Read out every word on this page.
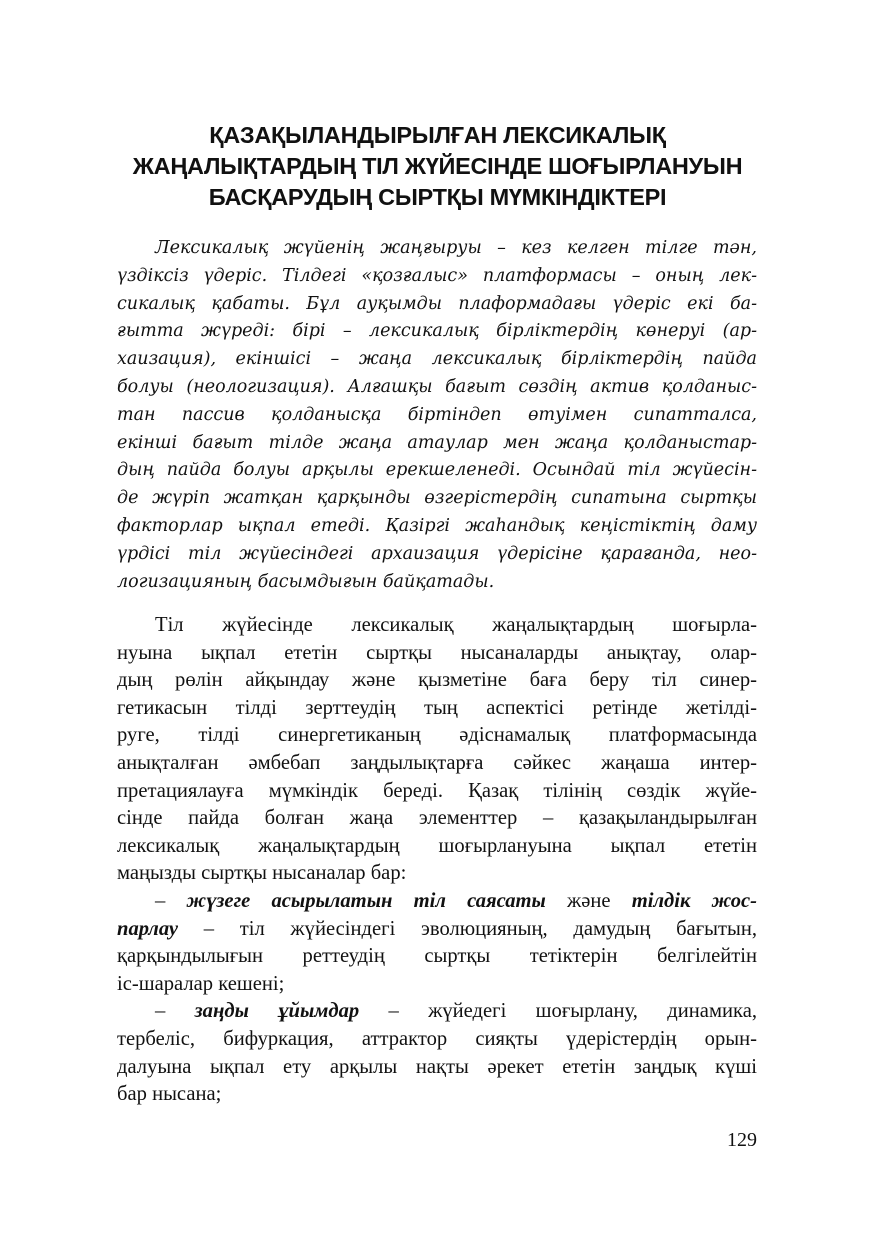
ҚАЗАҚЫЛАНДЫРЫЛҒАН ЛЕКСИКАЛЫҚ
ЖАҢАЛЫҚТАРДЫҢ ТІЛ ЖҮЙЕСІНДЕ ШОҒЫРЛАНУЫН
БАСҚАРУДЫҢ СЫРТҚЫ МҮМКІНДІКТЕРІ
Лексикалық жүйенің жаңғыруы – кез келген тілге тән,
үздіксіз үдеріс. Тілдегі «қозғалыс» платформасы – оның лек-
сикалық қабаты. Бұл ауқымды плаформадағы үдеріс екі ба-
ғытта жүреді: бірі – лексикалық бірліктердің көнеруі (ар-
хаизация), екіншісі – жаңа лексикалық бірліктердің пайда
болуы (неологизация). Алғашқы бағыт сөздің актив қолданыс-
тан пассив қолданысқа біртіндеп өтуімен сипатталса,
екінші бағыт тілде жаңа атаулар мен жаңа қолданыстар-
дың пайда болуы арқылы ерекшеленеді. Осындай тіл жүйесін-
де жүріп жатқан қарқынды өзгерістердің сипатына сыртқы
факторлар ықпал етеді. Қазіргі жаһандық кеңістіктің даму
үрдісі тіл жүйесіндегі архаизация үдерісіне қарағанда, нео-
логизацияның басымдығын байқатады.
Тіл жүйесінде лексикалық жаңалықтардың шоғырла-
нуына ықпал ететін сыртқы нысаналарды анықтау, олар-
дың рөлін айқындау және қызметіне баға беру тіл синер-
гетикасын тілді зерттеудің тың аспектісі ретінде жетілді-
руге, тілді синергетиканың әдіснамалық платформасында
анықталған әмбебап заңдылықтарға сәйкес жаңаша интер-
претациялауға мүмкіндік береді. Қазақ тілінің сөздік жүйе-
сінде пайда болған жаңа элементтер – қазақыландырылған
лексикалық жаңалықтардың шоғырлануына ықпал ететін
маңызды сыртқы нысаналар бар:
– жүзеге асырылатын тіл саясаты және тілдік жос-
парлау – тіл жүйесіндегі эволюцияның, дамудың бағытын,
қарқындылығын реттеудің сыртқы тетіктерін белгілейтін
іс-шаралар кешені;
– заңды ұйымдар – жүйедегі шоғырлану, динамика,
тербеліс, бифуркация, аттрактор сияқты үдерістердің орын-
далуына ықпал ету арқылы нақты әрекет ететін заңдық күші
бар нысана;
129
